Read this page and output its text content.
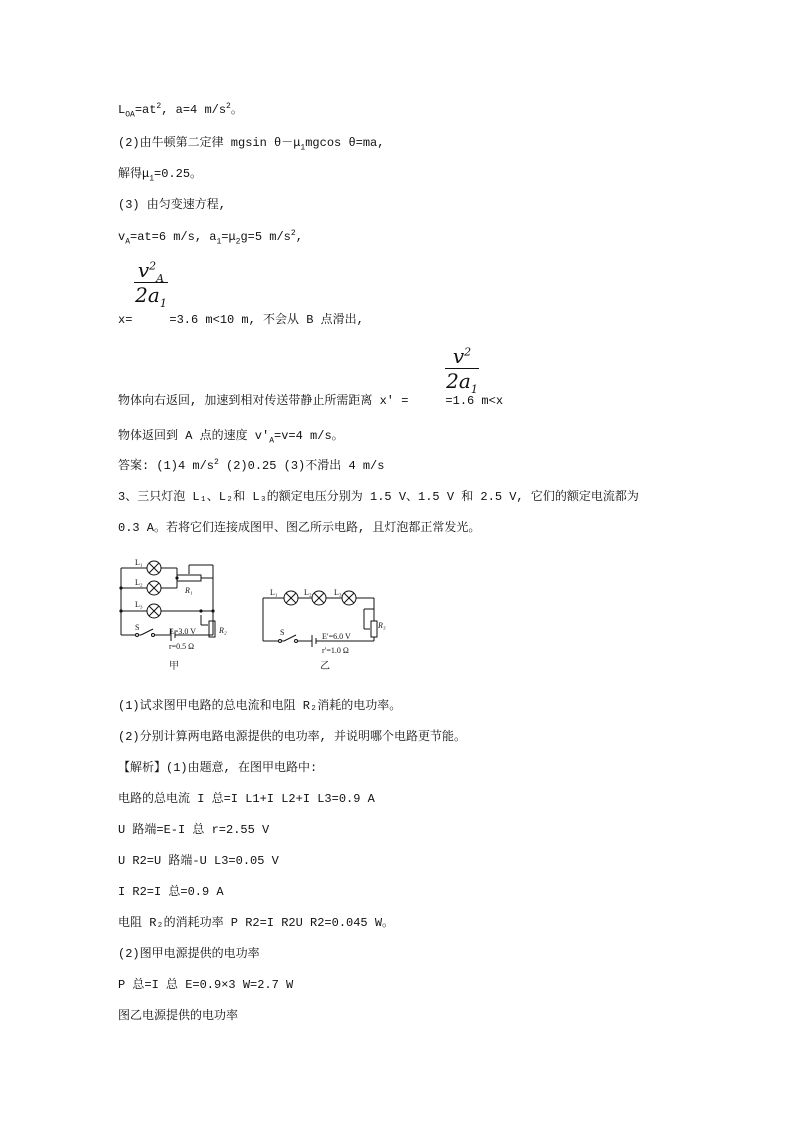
$L_{OA}=at^2$, a=4 $m/s^2$。
(2)由牛顿第二定律 mgsin $\theta-\mu_1mgcos$ θ=ma,
解得$\mu_1=0.25$。
(3) 由匀变速方程,
$v_A=at=6$ m/s, $a_1=\mu_2g=5$ $m/s^2$,
$v^2_A$
$2a_1$
x=	=3.6 m<10 m, 不会从 B 点滑出,
$v^2$
$2a_1$
物体向右返回, 加速到相对传送带静止所需距离 x′ =	=1.6 m<x
物体返回到 A 点的速度 $v'_A=v=4$ m/s。
答案: (1)4 $m/s^2$ (2)0.25 (3)不滑出 4 m/s
3、三只灯泡 L₁、L₂和 L₃的额定电压分别为 1.5 V、1.5 V 和 2.5 V, 它们的额定电流都为
0.3 A。若将它们连接成图甲、图乙所示电路, 且灯泡都正常发光。
L₁
L₂
L₃
R₁
R₂
S	E=3.0 V
r=0.5 Ω
甲
L₁	L₂	L₃
R₃
S	E′=6.0 V
r′=1.0 Ω
乙
(1)试求图甲电路的总电流和电阻 R₂消耗的电功率。
(2)分别计算两电路电源提供的电功率, 并说明哪个电路更节能。
【解析】(1)由题意, 在图甲电路中:
电路的总电流 I 总=I L1+I L2+I L3=0.9 A
U 路端=E-I 总 r=2.55 V
U R2=U 路端-U L3=0.05 V
I R2=I 总=0.9 A
电阻 R₂的消耗功率 P R2=I R2U R2=0.045 W。
(2)图甲电源提供的电功率
P 总=I 总 E=0.9×3 W=2.7 W
图乙电源提供的电功率
